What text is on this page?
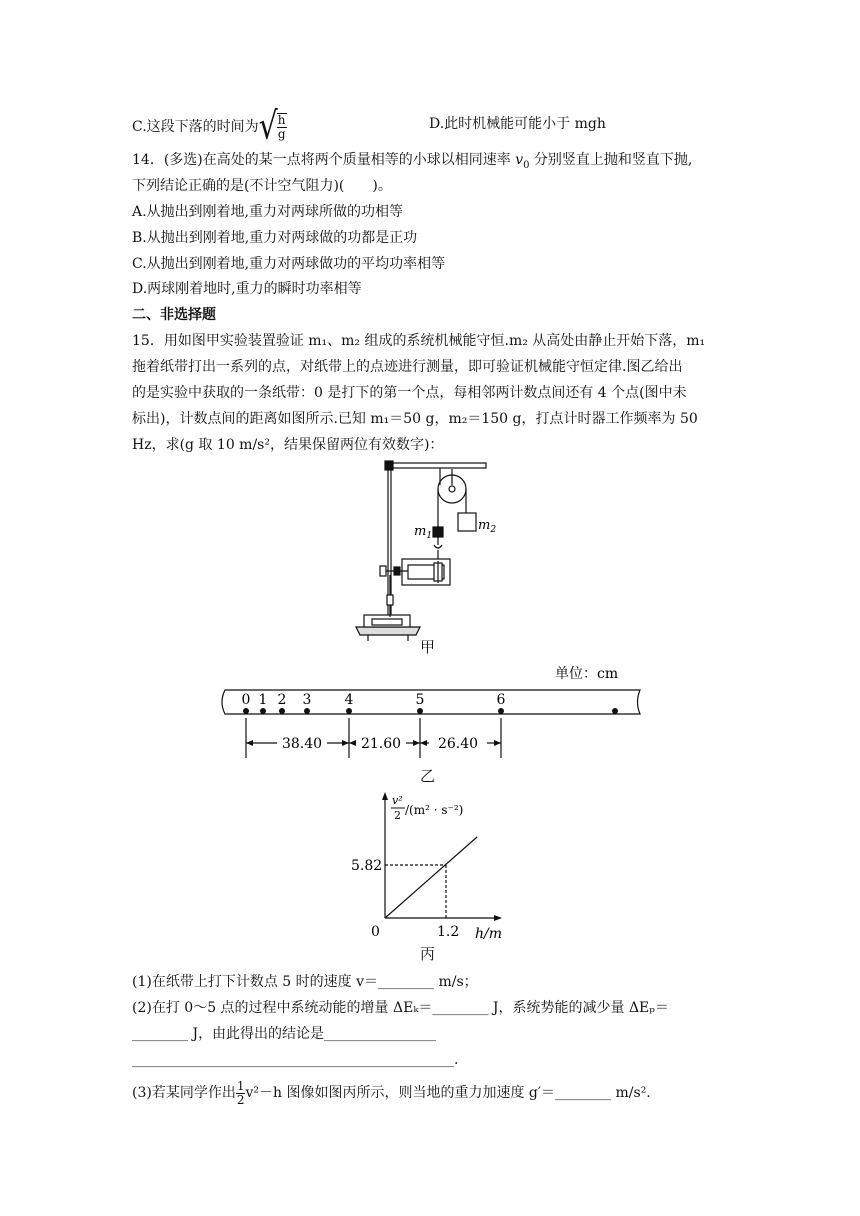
C.这段下落的时间为 √ $\frac{h}{g}$	D.此时机械能可能小于 mgh
14．(多选)在高处的某一点将两个质量相等的小球以相同速率 $v_0$ 分别竖直上抛和竖直下抛,
下列结论正确的是(不计空气阻力)(　　)。
A.从抛出到刚着地,重力对两球所做的功相等
B.从抛出到刚着地,重力对两球做的功都是正功
C.从抛出到刚着地,重力对两球做功的平均功率相等
D.两球刚着地时,重力的瞬时功率相等
二、非选择题
15．用如图甲实验装置验证 m₁、m₂ 组成的系统机械能守恒.m₂ 从高处由静止开始下落，m₁
拖着纸带打出一系列的点，对纸带上的点迹进行测量，即可验证机械能守恒定律.图乙给出
的是实验中获取的一条纸带：0 是打下的第一个点，每相邻两计数点间还有 4 个点(图中未
标出)，计数点间的距离如图所示.已知 m₁＝50 g，m₂＝150 g，打点计时器工作频率为 50
Hz，求(g 取 10 m/s²，结果保留两位有效数字)：
$m_1$
$m_2$
甲
单位：cm
0 1 2 3 4	5	6
38.40	21.60	26.40
乙
v²
2 /(m² · s⁻²)
5.82
0	1.2 h/m
丙
(1)在纸带上打下计数点 5 时的速度 v＝________ m/s；
(2)在打 0～5 点的过程中系统动能的增量 ΔEₖ＝________ J，系统势能的减少量 ΔEₚ＝
________ J，由此得出的结论是________________
______________________________________________.
(3)若某同学作出 $\frac{1}{2} v^2-h$ 图像如图丙所示，则当地的重力加速度 g′＝________ m/s².
